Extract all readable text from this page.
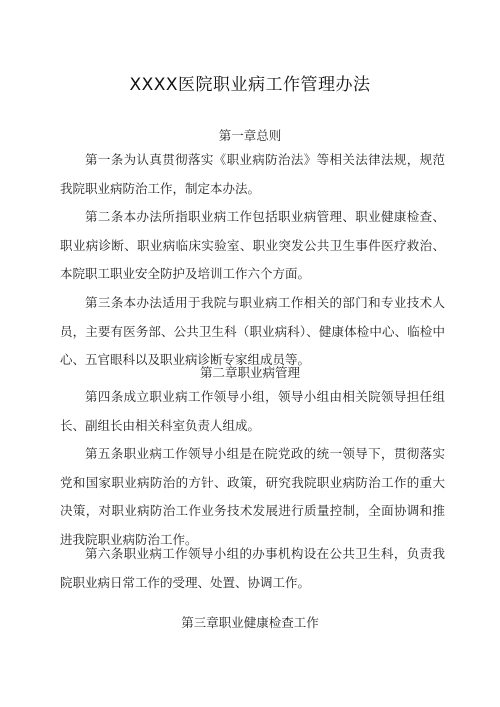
XXXX医院职业病工作管理办法
第一章总则

第一条为认真贯彻落实《职业病防治法》等相关法律法规，规范我院职业病防治工作，制定本办法。

第二条本办法所指职业病工作包括职业病管理、职业健康检查、职业病诊断、职业病临床实验室、职业突发公共卫生事件医疗救治、本院职工职业安全防护及培训工作六个方面。

第三条本办法适用于我院与职业病工作相关的部门和专业技术人员，主要有医务部、公共卫生科（职业病科）、健康体检中心、临检中心、五官眼科以及职业病诊断专家组成员等。

第二章职业病管理

第四条成立职业病工作领导小组，领导小组由相关院领导担任组长、副组长由相关科室负责人组成。

第五条职业病工作领导小组是在院党政的统一领导下，贯彻落实党和国家职业病防治的方针、政策，研究我院职业病防治工作的重大决策，对职业病防治工作业务技术发展进行质量控制，全面协调和推进我院职业病防治工作。

第六条职业病工作领导小组的办事机构设在公共卫生科，负责我院职业病日常工作的受理、处置、协调工作。

第三章职业健康检查工作
